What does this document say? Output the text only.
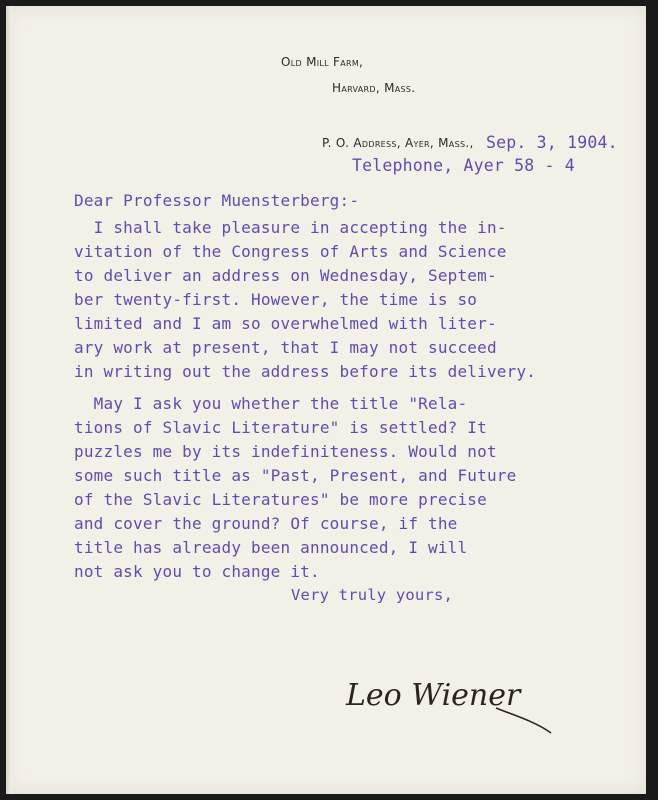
Old Mill Farm,
Harvard, Mass.
P. O. Address, Ayer, Mass., Sep. 3, 1904.
Telephone, Ayer 58 - 4
Dear Professor Muensterberg:-
I shall take pleasure in accepting the in-
vitation of the Congress of Arts and Science
to deliver an address on Wednesday, Septem-
ber twenty-first. However, the time is so
limited and I am so overwhelmed with liter-
ary work at present, that I may not succeed
in writing out the address before its delivery.
May I ask you whether the title "Rela-
tions of Slavic Literature" is settled? It
puzzles me by its indefiniteness. Would not
some such title as "Past, Present, and Future
of the Slavic Literatures" be more precise
and cover the ground? Of course, if the
title has already been announced, I will
not ask you to change it.
Very truly yours,
Leo Wiener
